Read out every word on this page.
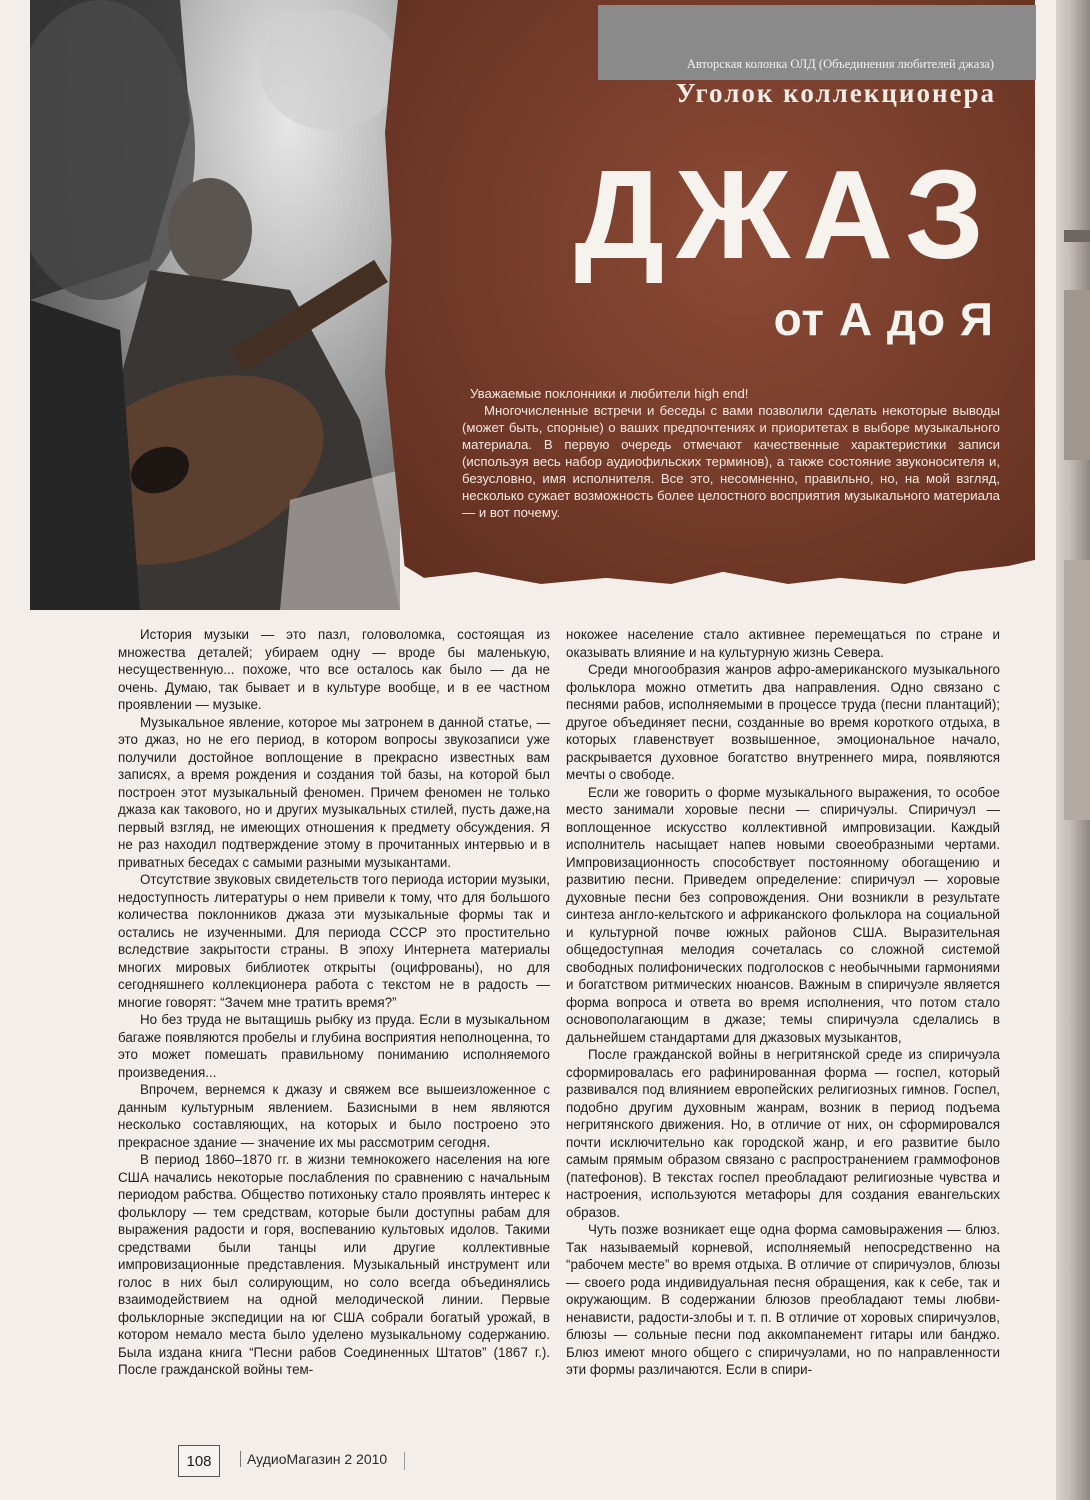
Авторская колонка ОЛД (Объединения любителей джаза)
Уголок коллекционера
ДЖАЗ
от А до Я

Уважаемые поклонники и любители high end!

Многочисленные встречи и беседы с вами позволили сделать некоторые выводы (может быть, спорные) о ваших предпочтениях и приоритетах в выборе музыкального материала. В первую очередь отмечают качественные характеристики записи (используя весь набор аудиофильских терминов), а также состояние звуконосителя и, безусловно, имя исполнителя. Все это, несомненно, правильно, но, на мой взгляд, несколько сужает возможность более целостного восприятия музыкального материала — и вот почему.

История музыки — это пазл, головоломка, состоящая из множества деталей; убираем одну — вроде бы маленькую, несущественную... похоже, что все осталось как было — да не очень. Думаю, так бывает и в культуре вообще, и в ее частном проявлении — музыке.

Музыкальное явление, которое мы затронем в данной статье, — это джаз, но не его период, в котором вопросы звукозаписи уже получили достойное воплощение в прекрасно известных вам записях, а время рождения и создания той базы, на которой был построен этот музыкальный феномен. Причем феномен не только джаза как такового, но и других музыкальных стилей, пусть даже,на первый взгляд, не имеющих отношения к предмету обсуждения. Я не раз находил подтверждение этому в прочитанных интервью и в приватных беседах с самыми разными музыкантами.

Отсутствие звуковых свидетельств того периода истории музыки, недоступность литературы о нем привели к тому, что для большого количества поклонников джаза эти музыкальные формы так и остались не изученными. Для периода СССР это простительно вследствие закрытости страны. В эпоху Интернета материалы многих мировых библиотек открыты (оцифрованы), но для сегодняшнего коллекционера работа с текстом не в радость — многие говорят: “Зачем мне тратить время?”

Но без труда не вытащишь рыбку из пруда. Если в музыкальном багаже появляются пробелы и глубина восприятия неполноценна, то это может помешать правильному пониманию исполняемого произведения...

Впрочем, вернемся к джазу и свяжем все вышеизложенное с данным культурным явлением. Базисными в нем являются несколько составляющих, на которых и было построено это прекрасное здание — значение их мы рассмотрим сегодня.

В период 1860–1870 гг. в жизни темнокожего населения на юге США начались некоторые послабления по сравнению с начальным периодом рабства. Общество потихоньку стало проявлять интерес к фольклору — тем средствам, которые были доступны рабам для выражения радости и горя, воспеванию культовых идолов. Такими средствами были танцы или другие коллективные импровизационные представления. Музыкальный инструмент или голос в них был солирующим, но соло всегда объединялись взаимодействием на одной мелодической линии. Первые фольклорные экспедиции на юг США собрали богатый урожай, в котором немало места было уделено музыкальному содержанию. Была издана книга “Песни рабов Соединенных Штатов” (1867 г.). После гражданской войны тем-

нокожее население стало активнее перемещаться по стране и оказывать влияние и на культурную жизнь Севера.

Среди многообразия жанров афро-американского музыкального фольклора можно отметить два направления. Одно связано с песнями рабов, исполняемыми в процессе труда (песни плантаций); другое объединяет песни, созданные во время короткого отдыха, в которых главенствует возвышенное, эмоциональное начало, раскрывается духовное богатство внутреннего мира, появляются мечты о свободе.

Если же говорить о форме музыкального выражения, то особое место занимали хоровые песни — спиричуэлы. Спиричуэл — воплощенное искусство коллективной импровизации. Каждый исполнитель насыщает напев новыми своеобразными чертами. Импровизационность способствует постоянному обогащению и развитию песни. Приведем определение: спиричуэл — хоровые духовные песни без сопровождения. Они возникли в результате синтеза англо-кельтского и африканского фольклора на социальной и культурной почве южных районов США. Выразительная общедоступная мелодия сочеталась со сложной системой свободных полифонических подголосков с необычными гармониями и богатством ритмических нюансов. Важным в спиричуэле является форма вопроса и ответа во время исполнения, что потом стало основополагающим в джазе; темы спиричуэла сделались в дальнейшем стандартами для джазовых музыкантов,

После гражданской войны в негритянской среде из спиричуэла сформировалась его рафинированная форма — госпел, который развивался под влиянием европейских религиозных гимнов. Госпел, подобно другим духовным жанрам, возник в период подъема негритянского движения. Но, в отличие от них, он сформировался почти исключительно как городской жанр, и его развитие было самым прямым образом связано с распространением граммофонов (патефонов). В текстах госпел преобладают религиозные чувства и настроения, используются метафоры для создания евангельских образов.

Чуть позже возникает еще одна форма самовыражения — блюз. Так называемый корневой, исполняемый непосредственно на “рабочем месте” во время отдыха. В отличие от спиричуэлов, блюзы — своего рода индивидуальная песня обращения, как к себе, так и окружающим. В содержании блюзов преобладают темы любви-ненависти, радости-злобы и т. п. В отличие от хоровых спиричуэлов, блюзы — сольные песни под аккомпанемент гитары или банджо. Блюз имеют много общего с спиричуэлами, но по направленности эти формы различаются. Если в спири-

108	АудиоМагазин 2 2010
